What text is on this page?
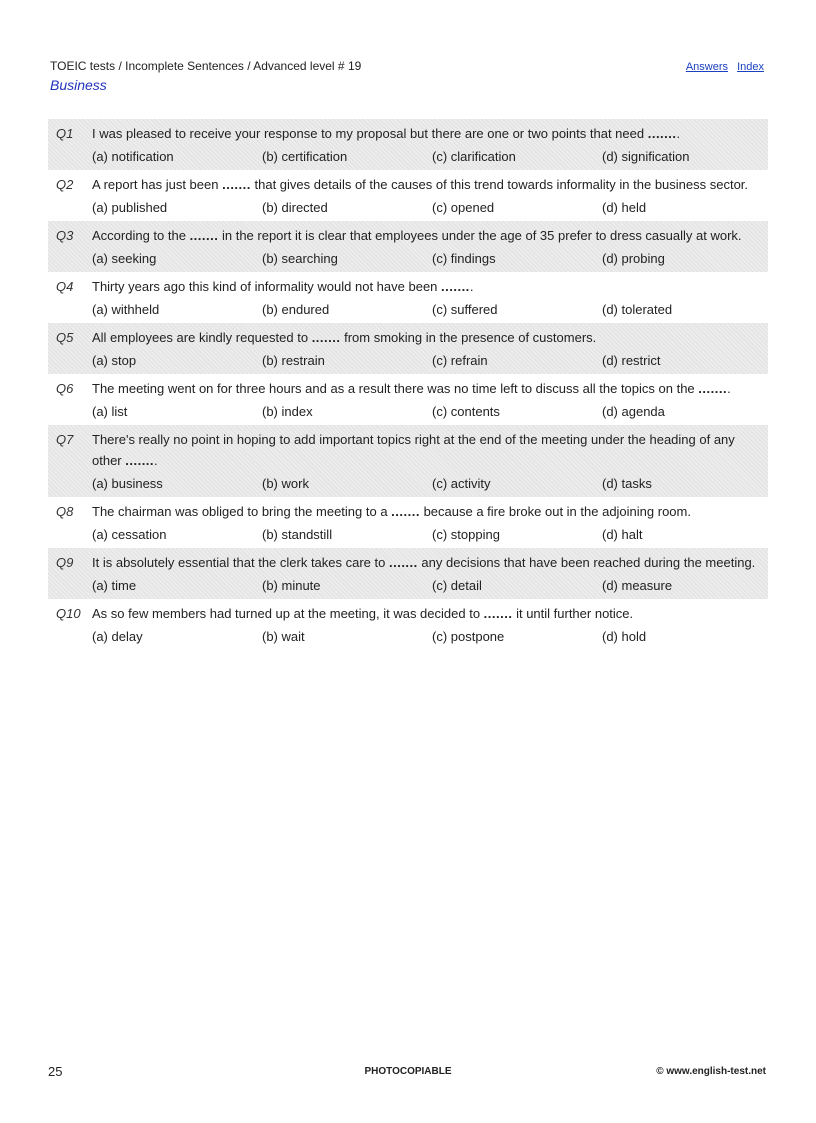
TOEIC tests / Incomplete Sentences / Advanced level # 19	Answers Index
Business
Q1 I was pleased to receive your response to my proposal but there are one or two points that need ........
(a) notification	(b) certification	(c) clarification	(d) signification
Q2 A report has just been ....... that gives details of the causes of this trend towards informality in the business sector.
(a) published	(b) directed	(c) opened	(d) held
Q3 According to the ....... in the report it is clear that employees under the age of 35 prefer to dress casually at work.
(a) seeking	(b) searching	(c) findings	(d) probing
Q4 Thirty years ago this kind of informality would not have been ........
(a) withheld	(b) endured	(c) suffered	(d) tolerated
Q5 All employees are kindly requested to ....... from smoking in the presence of customers.
(a) stop	(b) restrain	(c) refrain	(d) restrict
Q6 The meeting went on for three hours and as a result there was no time left to discuss all the topics on the ........
(a) list	(b) index	(c) contents	(d) agenda
Q7 There's really no point in hoping to add important topics right at the end of the meeting under the heading of any other ........
(a) business	(b) work	(c) activity	(d) tasks
Q8 The chairman was obliged to bring the meeting to a ....... because a fire broke out in the adjoining room.
(a) cessation	(b) standstill	(c) stopping	(d) halt
Q9 It is absolutely essential that the clerk takes care to ....... any decisions that have been reached during the meeting.
(a) time	(b) minute	(c) detail	(d) measure
Q10 As so few members had turned up at the meeting, it was decided to ....... it until further notice.
(a) delay	(b) wait	(c) postpone	(d) hold
25	PHOTOCOPIABLE	© www.english-test.net
